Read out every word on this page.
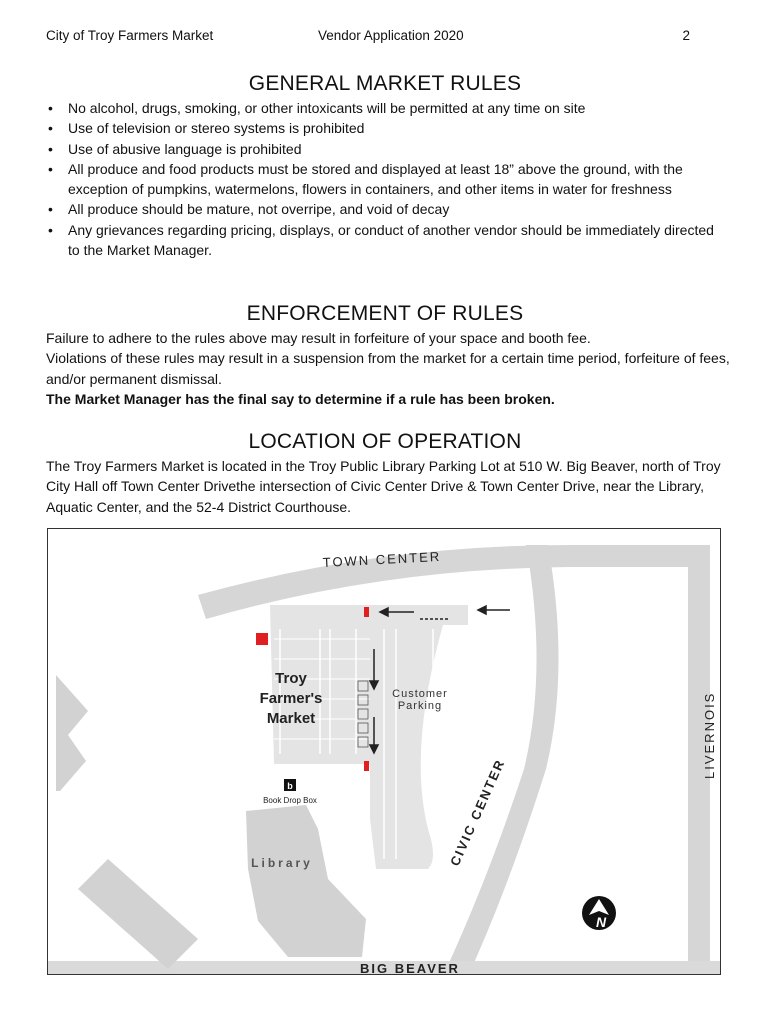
City of Troy Farmers Market	Vendor Application 2020	2
GENERAL MARKET RULES
• No alcohol, drugs, smoking, or other intoxicants will be permitted at any time on site
• Use of television or stereo systems is prohibited
• Use of abusive language is prohibited
• All produce and food products must be stored and displayed at least 18” above the ground, with the exception of pumpkins, watermelons, flowers in containers, and other items in water for freshness
• All produce should be mature, not overripe, and void of decay
• Any grievances regarding pricing, displays, or conduct of another vendor should be immediately directed to the Market Manager.
ENFORCEMENT OF RULES

Failure to adhere to the rules above may result in forfeiture of your space and booth fee.

Violations of these rules may result in a suspension from the market for a certain time period, forfeiture of fees, and/or permanent dismissal.

The Market Manager has the final say to determine if a rule has been broken.

LOCATION OF OPERATION

The Troy Farmers Market is located in the Troy Public Library Parking Lot at 510 W. Big Beaver, north of Troy City Hall off Town Center Drivethe intersection of Civic Center Drive & Town Center Drive, near the Library, Aquatic Center, and the 52-4 District Courthouse.

b
N
TOWN CENTER
LIVERNOIS
CIVIC CENTER
BIG BEAVER
Troy
Farmer's
Market
Customer
Parking
Book Drop Box
Library
